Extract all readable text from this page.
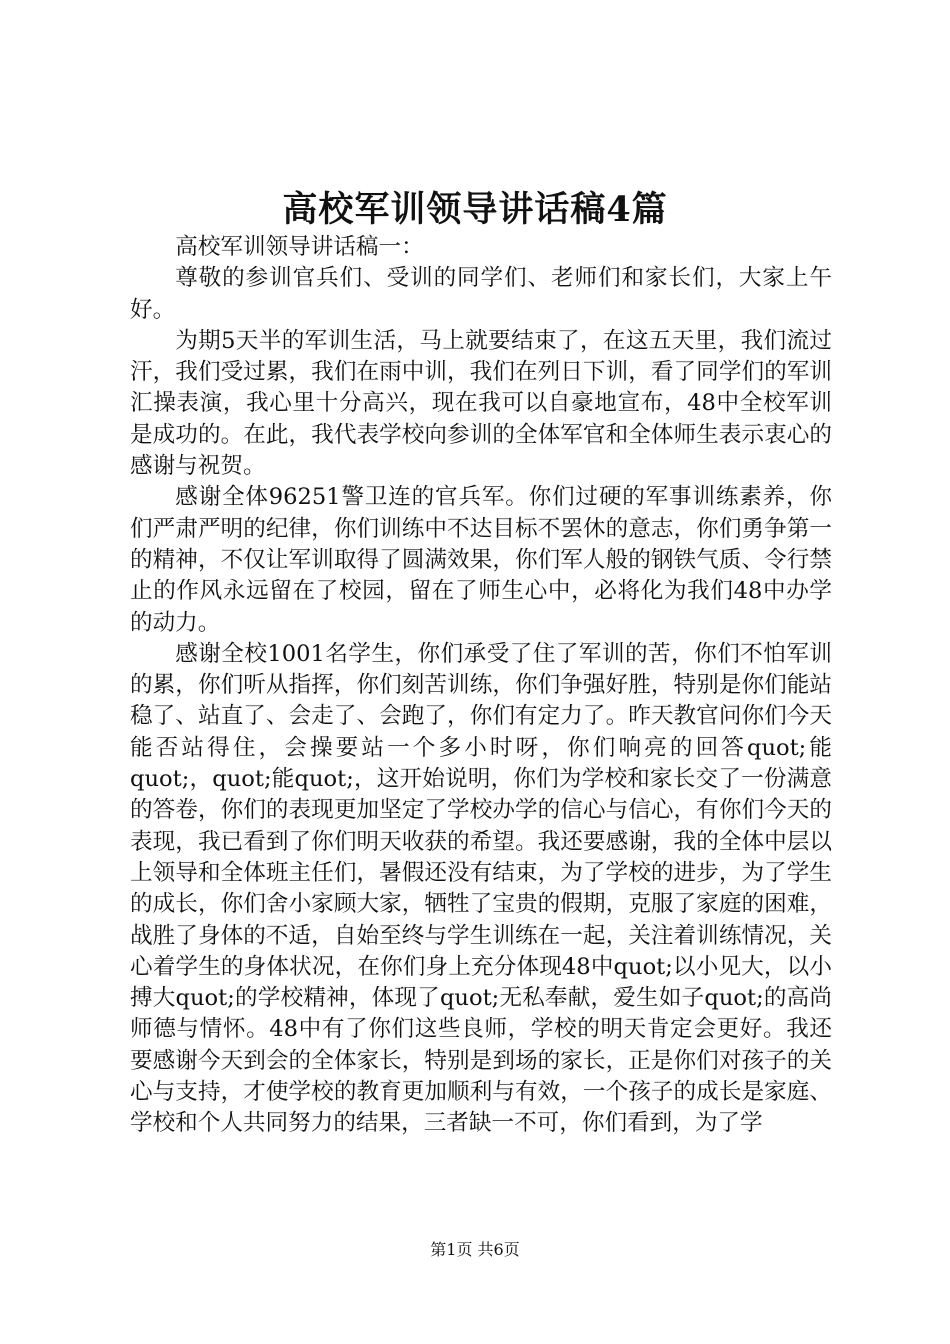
高校军训领导讲话稿4篇

高校军训领导讲话稿一：

尊敬的参训官兵们、受训的同学们、老师们和家长们，大家上午好。

为期5天半的军训生活，马上就要结束了，在这五天里，我们流过汗，我们受过累，我们在雨中训，我们在列日下训，看了同学们的军训汇操表演，我心里十分高兴，现在我可以自豪地宣布，48中全校军训是成功的。在此，我代表学校向参训的全体军官和全体师生表示衷心的感谢与祝贺。

感谢全体96251警卫连的官兵军。你们过硬的军事训练素养，你们严肃严明的纪律，你们训练中不达目标不罢休的意志，你们勇争第一的精神，不仅让军训取得了圆满效果，你们军人般的钢铁气质、令行禁止的作风永远留在了校园，留在了师生心中，必将化为我们48中办学的动力。

感谢全校1001名学生，你们承受了住了军训的苦，你们不怕军训的累，你们听从指挥，你们刻苦训练，你们争强好胜，特别是你们能站稳了、站直了、会走了、会跑了，你们有定力了。昨天教官问你们今天能否站得住，会操要站一个多小时呀，你们响亮的回答quot;能quot;，quot;能quot;，这开始说明，你们为学校和家长交了一份满意的答卷，你们的表现更加坚定了学校办学的信心与信心，有你们今天的表现，我已看到了你们明天收获的希望。我还要感谢，我的全体中层以上领导和全体班主任们，暑假还没有结束，为了学校的进步，为了学生的成长，你们舍小家顾大家，牺牲了宝贵的假期，克服了家庭的困难，战胜了身体的不适，自始至终与学生训练在一起，关注着训练情况，关心着学生的身体状况，在你们身上充分体现48中quot;以小见大，以小搏大quot;的学校精神，体现了quot;无私奉献，爱生如子quot;的高尚师德与情怀。48中有了你们这些良师，学校的明天肯定会更好。我还要感谢今天到会的全体家长，特别是到场的家长，正是你们对孩子的关心与支持，才使学校的教育更加顺利与有效，一个孩子的成长是家庭、学校和个人共同努力的结果，三者缺一不可，你们看到，为了学

第1页 共6页
